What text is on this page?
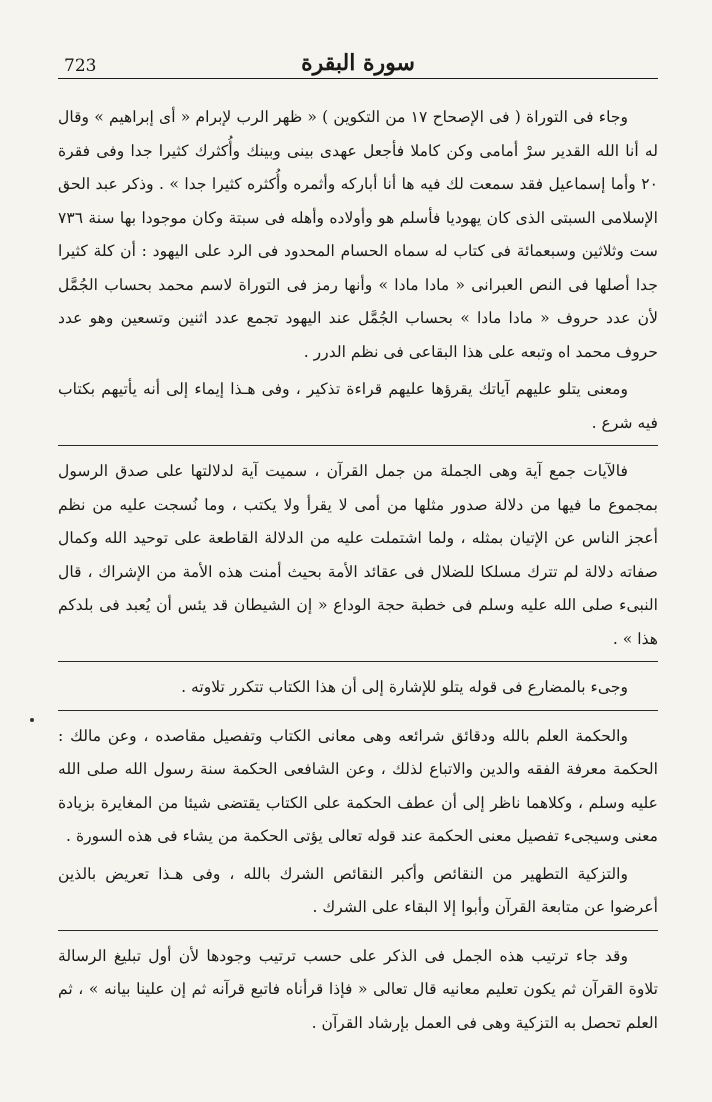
723	سورة البقرة

وجاء فى التوراة ( فى الإصحاح ١٧ من التكوين ) « ظهر الرب لإبرام « أى إبراهيم » وقال له أنا الله القدير سرْ أمامى وكن كاملا فأجعل عهدى بينى وبينك وأُكثرك كثيرا جدا وفى فقرة ٢٠ وأما إسماعيل فقد سمعت لك فيه ها أنا أباركه وأثمره وأُكثره كثيرا جدا » . وذكر عبد الحق الإسلامى السبتى الذى كان يهوديا فأسلم هو وأولاده وأهله فى سبتة وكان موجودا بها سنة ٧٣٦ ست وثلاثين وسبعمائة فى كتاب له سماه الحسام المحدود فى الرد على اليهود : أن كلة كثيرا جدا أصلها فى النص العبرانى « مادا مادا » وأنها رمز فى التوراة لاسم محمد بحساب الجُمَّل لأن عدد حروف « مادا مادا » بحساب الجُمَّل عند اليهود تجمع عدد اثنين وتسعين وهو عدد حروف محمد اه وتبعه على هذا البقاعى فى نظم الدرر .

ومعنى يتلو عليهم آياتك يقرؤها عليهم قراءة تذكير ، وفى هـذا إيماء إلى أنه يأتيهم بكتاب فيه شرع .

فالآيات جمع آية وهى الجملة من جمل القرآن ، سميت آية لدلالتها على صدق الرسول بمجموع ما فيها من دلالة صدور مثلها من أمى لا يقرأ ولا يكتب ، وما نُسجت عليه من نظم أعجز الناس عن الإتيان بمثله ، ولما اشتملت عليه من الدلالة القاطعة على توحيد الله وكمال صفاته دلالة لم تترك مسلكا للضلال فى عقائد الأمة بحيث أمنت هذه الأمة من الإشراك ، قال النبىء صلى الله عليه وسلم فى خطبة حجة الوداع « إن الشيطان قد يئس أن يُعبد فى بلدكم هذا » .

وجىء بالمضارع فى قوله يتلو للإشارة إلى أن هذا الكتاب تتكرر تلاوته .

والحكمة العلم بالله ودقائق شرائعه وهى معانى الكتاب وتفصيل مقاصده ، وعن مالك : الحكمة معرفة الفقه والدين والاتباع لذلك ، وعن الشافعى الحكمة سنة رسول الله صلى الله عليه وسلم ، وكلاهما ناظر إلى أن عطف الحكمة على الكتاب يقتضى شيئا من المغايرة بزيادة معنى وسيجىء تفصيل معنى الحكمة عند قوله تعالى يؤتى الحكمة من يشاء فى هذه السورة .

والتزكية التطهير من النقائص وأكبر النقائص الشرك بالله ، وفى هـذا تعريض بالذين أعرضوا عن متابعة القرآن وأبوا إلا البقاء على الشرك .

وقد جاء ترتيب هذه الجمل فى الذكر على حسب ترتيب وجودها لأن أول تبليغ الرسالة تلاوة القرآن ثم يكون تعليم معانيه قال تعالى « فإذا قرأناه فاتبع قرآنه ثم إن علينا بيانه » ، ثم العلم تحصل به التزكية وهى فى العمل بإرشاد القرآن .
